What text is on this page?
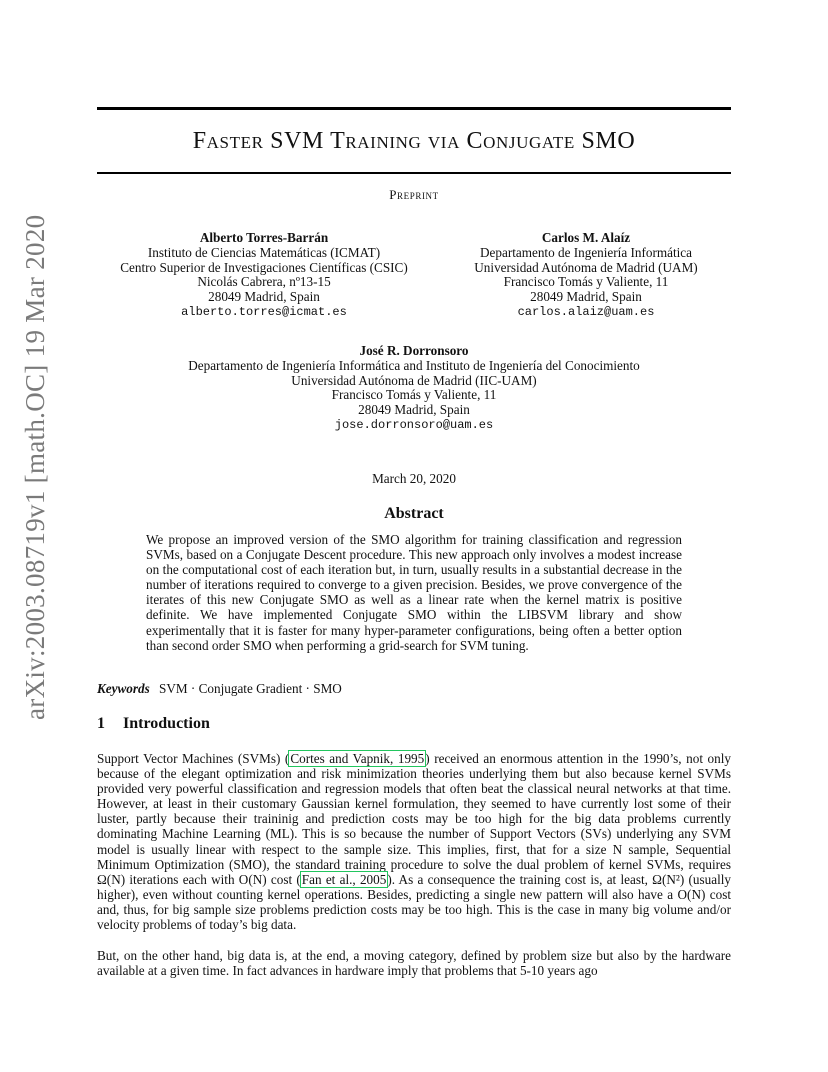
arXiv:2003.08719v1 [math.OC] 19 Mar 2020
Faster SVM Training via Conjugate SMO
Preprint
Alberto Torres-Barrán
Instituto de Ciencias Matemáticas (ICMAT)
Centro Superior de Investigaciones Científicas (CSIC)
Nicolás Cabrera, nº13-15
28049 Madrid, Spain
alberto.torres@icmat.es
Carlos M. Alaíz
Departamento de Ingeniería Informática
Universidad Autónoma de Madrid (UAM)
Francisco Tomás y Valiente, 11
28049 Madrid, Spain
carlos.alaiz@uam.es
José R. Dorronsoro
Departamento de Ingeniería Informática and Instituto de Ingeniería del Conocimiento
Universidad Autónoma de Madrid (IIC-UAM)
Francisco Tomás y Valiente, 11
28049 Madrid, Spain
jose.dorronsoro@uam.es
March 20, 2020
Abstract
We propose an improved version of the SMO algorithm for training classification and regression SVMs, based on a Conjugate Descent procedure. This new approach only involves a modest increase on the computational cost of each iteration but, in turn, usually results in a substantial decrease in the number of iterations required to converge to a given precision. Besides, we prove convergence of the iterates of this new Conjugate SMO as well as a linear rate when the kernel matrix is positive definite. We have implemented Conjugate SMO within the LIBSVM library and show experimentally that it is faster for many hyper-parameter configurations, being often a better option than second order SMO when performing a grid-search for SVM tuning.
Keywords SVM · Conjugate Gradient · SMO
1 Introduction
Support Vector Machines (SVMs) (Cortes and Vapnik, 1995) received an enormous attention in the 1990’s, not only because of the elegant optimization and risk minimization theories underlying them but also because kernel SVMs provided very powerful classification and regression models that often beat the classical neural networks at that time. However, at least in their customary Gaussian kernel formulation, they seemed to have currently lost some of their luster, partly because their traininig and prediction costs may be too high for the big data problems currently dominating Machine Learning (ML). This is so because the number of Support Vectors (SVs) underlying any SVM model is usually linear with respect to the sample size. This implies, first, that for a size N sample, Sequential Minimum Optimization (SMO), the standard training procedure to solve the dual problem of kernel SVMs, requires Ω(N) iterations each with O(N) cost (Fan et al., 2005). As a consequence the training cost is, at least, Ω(N²) (usually higher), even without counting kernel operations. Besides, predicting a single new pattern will also have a O(N) cost and, thus, for big sample size problems prediction costs may be too high. This is the case in many big volume and/or velocity problems of today’s big data.
But, on the other hand, big data is, at the end, a moving category, defined by problem size but also by the hardware available at a given time. In fact advances in hardware imply that problems that 5-10 years ago
